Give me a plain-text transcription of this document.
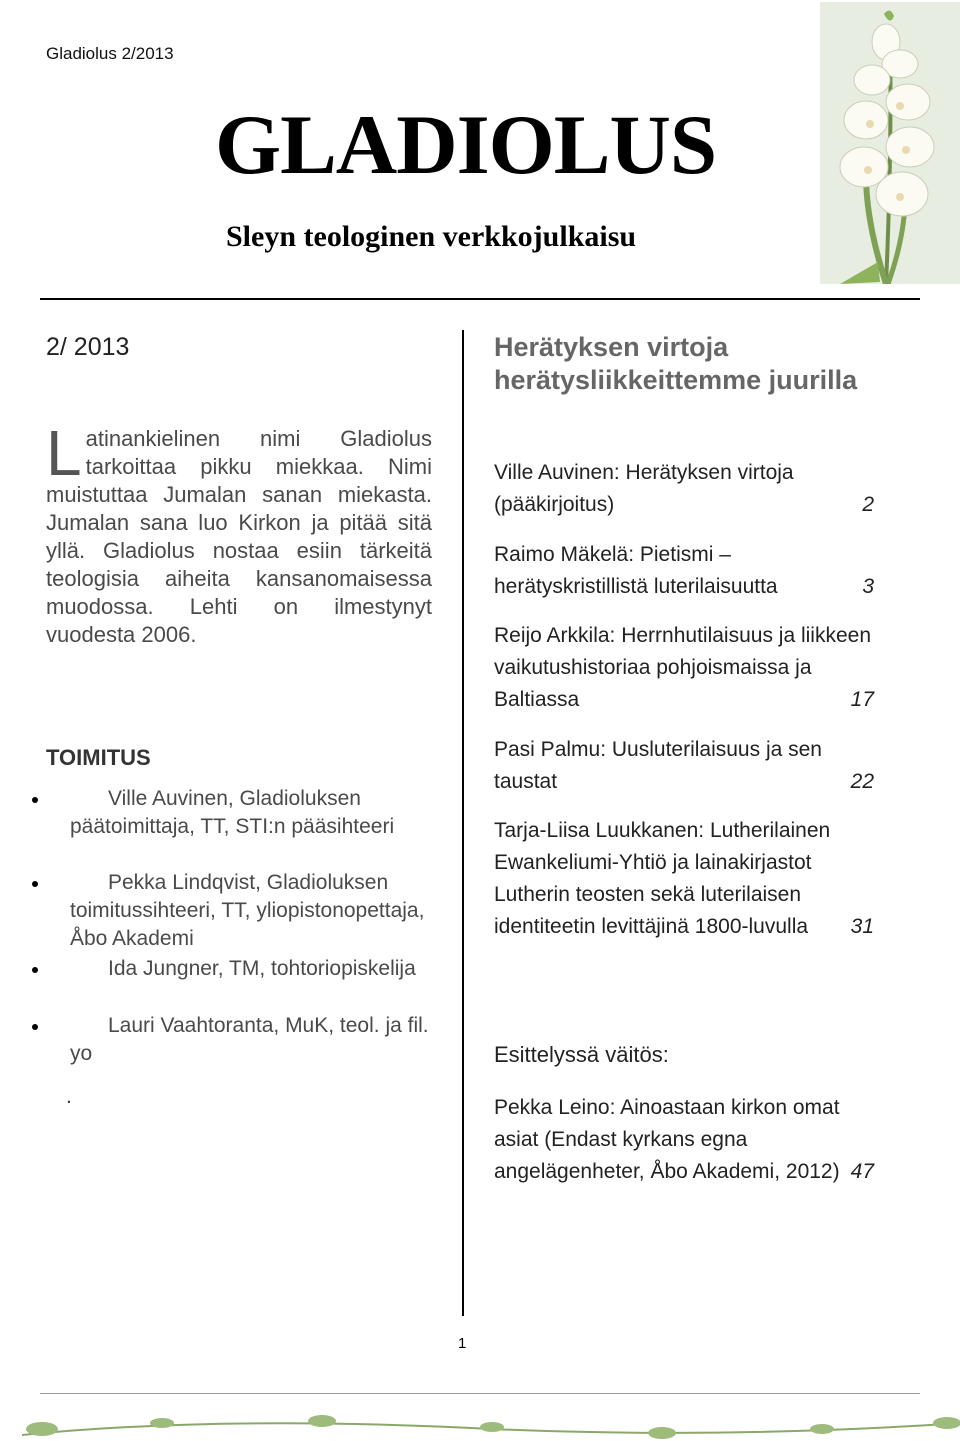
Gladiolus 2/2013
GLADIOLUS
Sleyn teologinen verkkojulkaisu
2/ 2013

Latinankielinen nimi Gladiolus tarkoittaa pikku miekkaa. Nimi muistuttaa Jumalan sanan miekasta. Jumalan sana luo Kirkon ja pitää sitä yllä. Gladiolus nostaa esiin tärkeitä teologisia aiheita kansanomaisessa muodossa. Lehti on ilmestynyt vuodesta 2006.

TOIMITUS
Ville Auvinen, Gladioluksen päätoimittaja, TT, STI:n pääsihteeri
Pekka Lindqvist, Gladioluksen toimitussihteeri, TT, yliopistonopettaja, Åbo Akademi
Ida Jungner, TM, tohtoriopiskelija
Lauri Vaahtoranta, MuK, teol. ja fil. yo
.
Herätyksen virtoja herätysliikkeittemme juurilla
Ville Auvinen: Herätyksen virtoja (pääkirjoitus)	2
Raimo Mäkelä: Pietismi – herätyskristillistä luterilaisuutta	3
Reijo Arkkila: Herrnhutilaisuus ja liikkeen vaikutushistoriaa pohjoismaissa ja Baltiassa	17
Pasi Palmu: Uusluterilaisuus ja sen taustat	22
Tarja-Liisa Luukkanen: Lutherilainen Ewankeliumi-Yhtiö ja lainakirjastot Lutherin teosten sekä luterilaisen identiteetin levittäjinä 1800-luvulla 31
Esittelyssä väitös:
Pekka Leino: Ainoastaan kirkon omat asiat (Endast kyrkans egna angelägenheter, Åbo Akademi, 2012) 47
1
